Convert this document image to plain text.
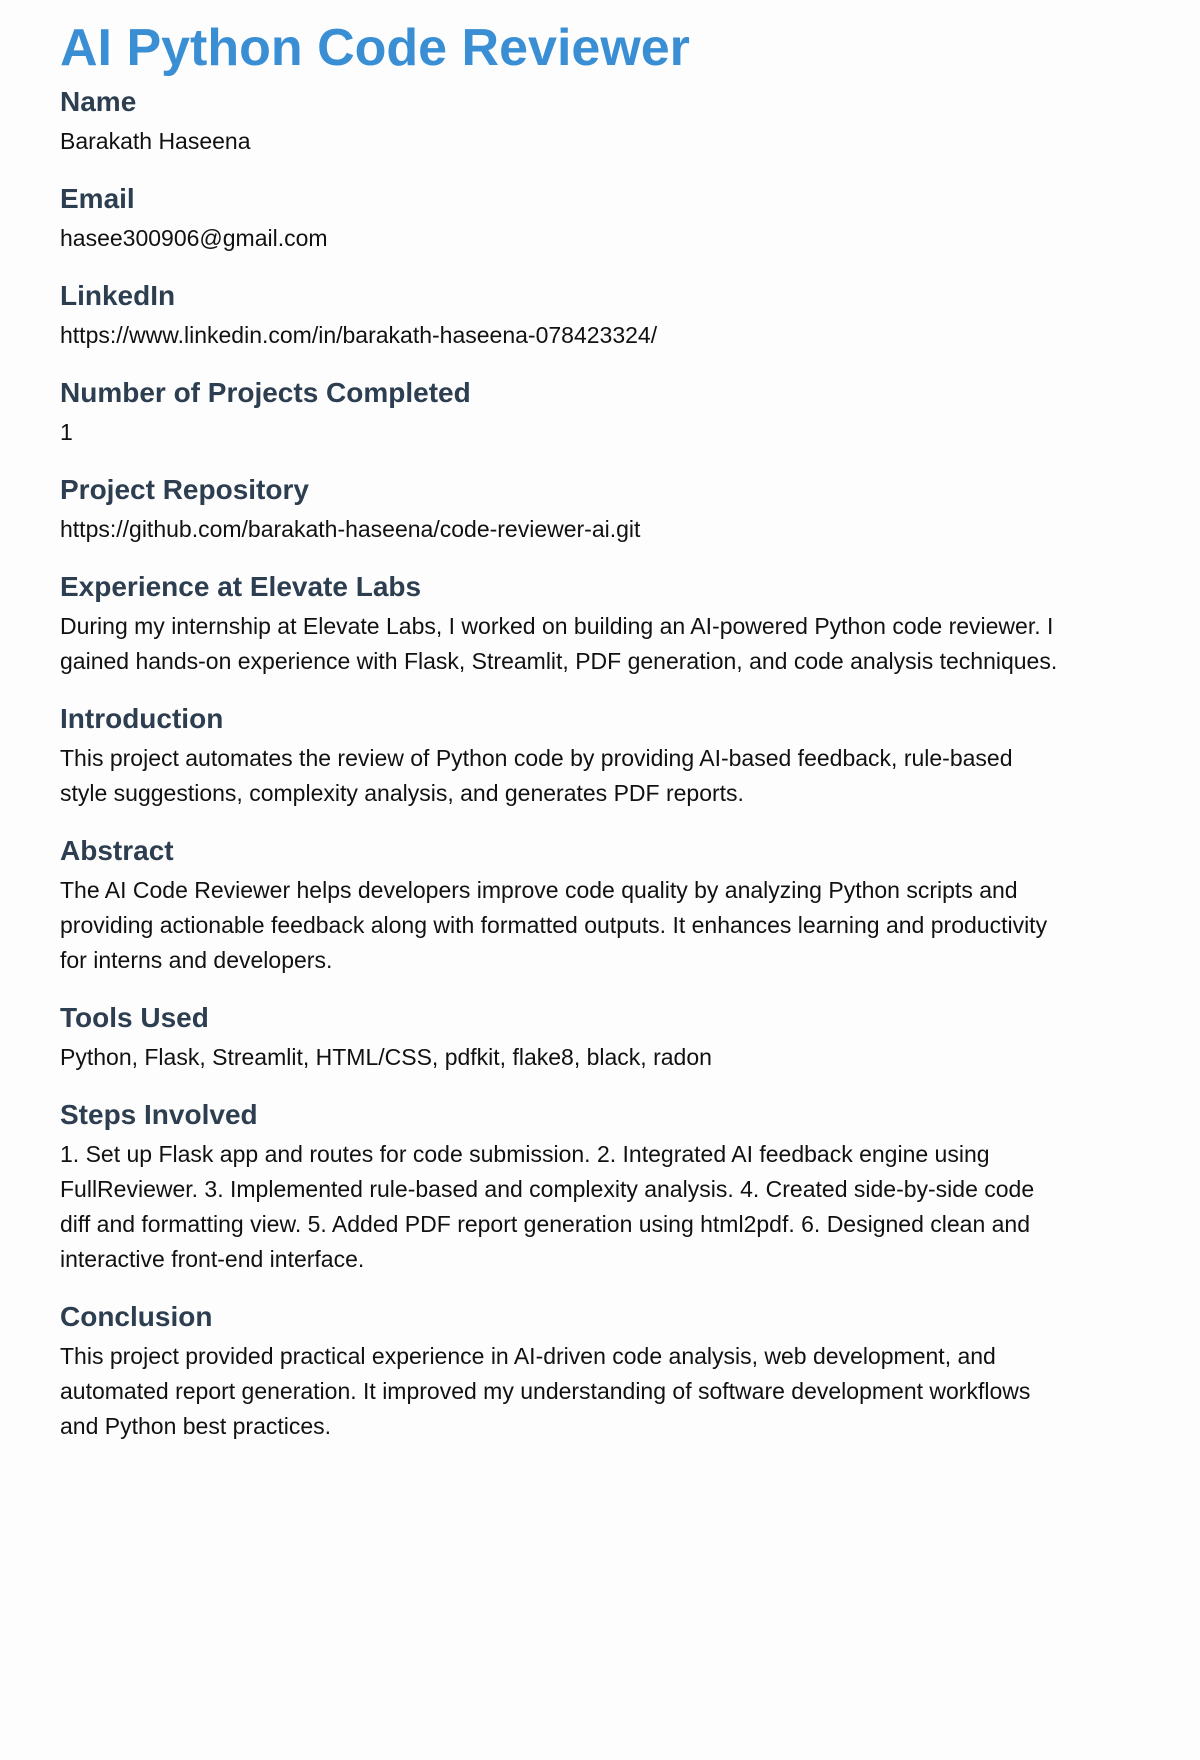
AI Python Code Reviewer
Name

Barakath Haseena

Email

hasee300906@gmail.com

LinkedIn

https://www.linkedin.com/in/barakath-haseena-078423324/

Number of Projects Completed

1

Project Repository

https://github.com/barakath-haseena/code-reviewer-ai.git

Experience at Elevate Labs

During my internship at Elevate Labs, I worked on building an AI-powered Python code reviewer. I gained hands-on experience with Flask, Streamlit, PDF generation, and code analysis techniques.

Introduction

This project automates the review of Python code by providing AI-based feedback, rule-based style suggestions, complexity analysis, and generates PDF reports.

Abstract

The AI Code Reviewer helps developers improve code quality by analyzing Python scripts and providing actionable feedback along with formatted outputs. It enhances learning and productivity for interns and developers.

Tools Used

Python, Flask, Streamlit, HTML/CSS, pdfkit, flake8, black, radon

Steps Involved

1. Set up Flask app and routes for code submission. 2. Integrated AI feedback engine using FullReviewer. 3. Implemented rule-based and complexity analysis. 4. Created side-by-side code diff and formatting view. 5. Added PDF report generation using html2pdf. 6. Designed clean and interactive front-end interface.

Conclusion

This project provided practical experience in AI-driven code analysis, web development, and automated report generation. It improved my understanding of software development workflows and Python best practices.
